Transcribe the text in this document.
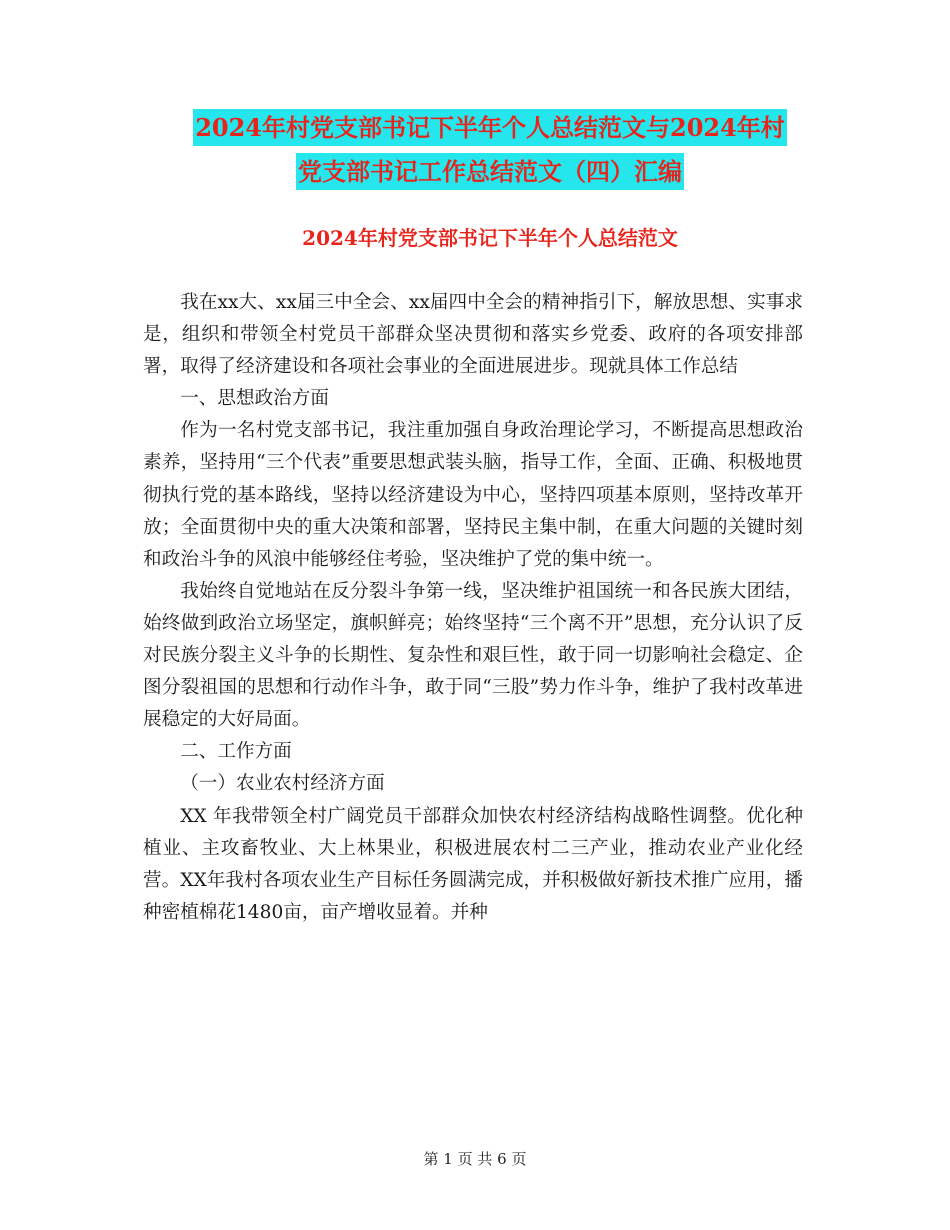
2024年村党支部书记下半年个人总结范文与2024年村
党支部书记工作总结范文（四）汇编
2024年村党支部书记下半年个人总结范文

我在xx大、xx届三中全会、xx届四中全会的精神指引下，解放思想、实事求是，组织和带领全村党员干部群众坚决贯彻和落实乡党委、政府的各项安排部署，取得了经济建设和各项社会事业的全面进展进步。现就具体工作总结

一、思想政治方面

作为一名村党支部书记，我注重加强自身政治理论学习，不断提高思想政治素养，坚持用“三个代表”重要思想武装头脑，指导工作，全面、正确、积极地贯彻执行党的基本路线，坚持以经济建设为中心，坚持四项基本原则，坚持改革开放；全面贯彻中央的重大决策和部署，坚持民主集中制，在重大问题的关键时刻和政治斗争的风浪中能够经住考验，坚决维护了党的集中统一。

我始终自觉地站在反分裂斗争第一线，坚决维护祖国统一和各民族大团结，始终做到政治立场坚定，旗帜鲜亮；始终坚持“三个离不开”思想，充分认识了反对民族分裂主义斗争的长期性、复杂性和艰巨性，敢于同一切影响社会稳定、企图分裂祖国的思想和行动作斗争，敢于同“三股”势力作斗争，维护了我村改革进展稳定的大好局面。

二、工作方面

（一）农业农村经济方面

XX 年我带领全村广阔党员干部群众加快农村经济结构战略性调整。优化种植业、主攻畜牧业、大上林果业，积极进展农村二三产业，推动农业产业化经营。XX年我村各项农业生产目标任务圆满完成，并积极做好新技术推广应用，播种密植棉花1480亩，亩产增收显着。并种

第 1 页 共 6 页
